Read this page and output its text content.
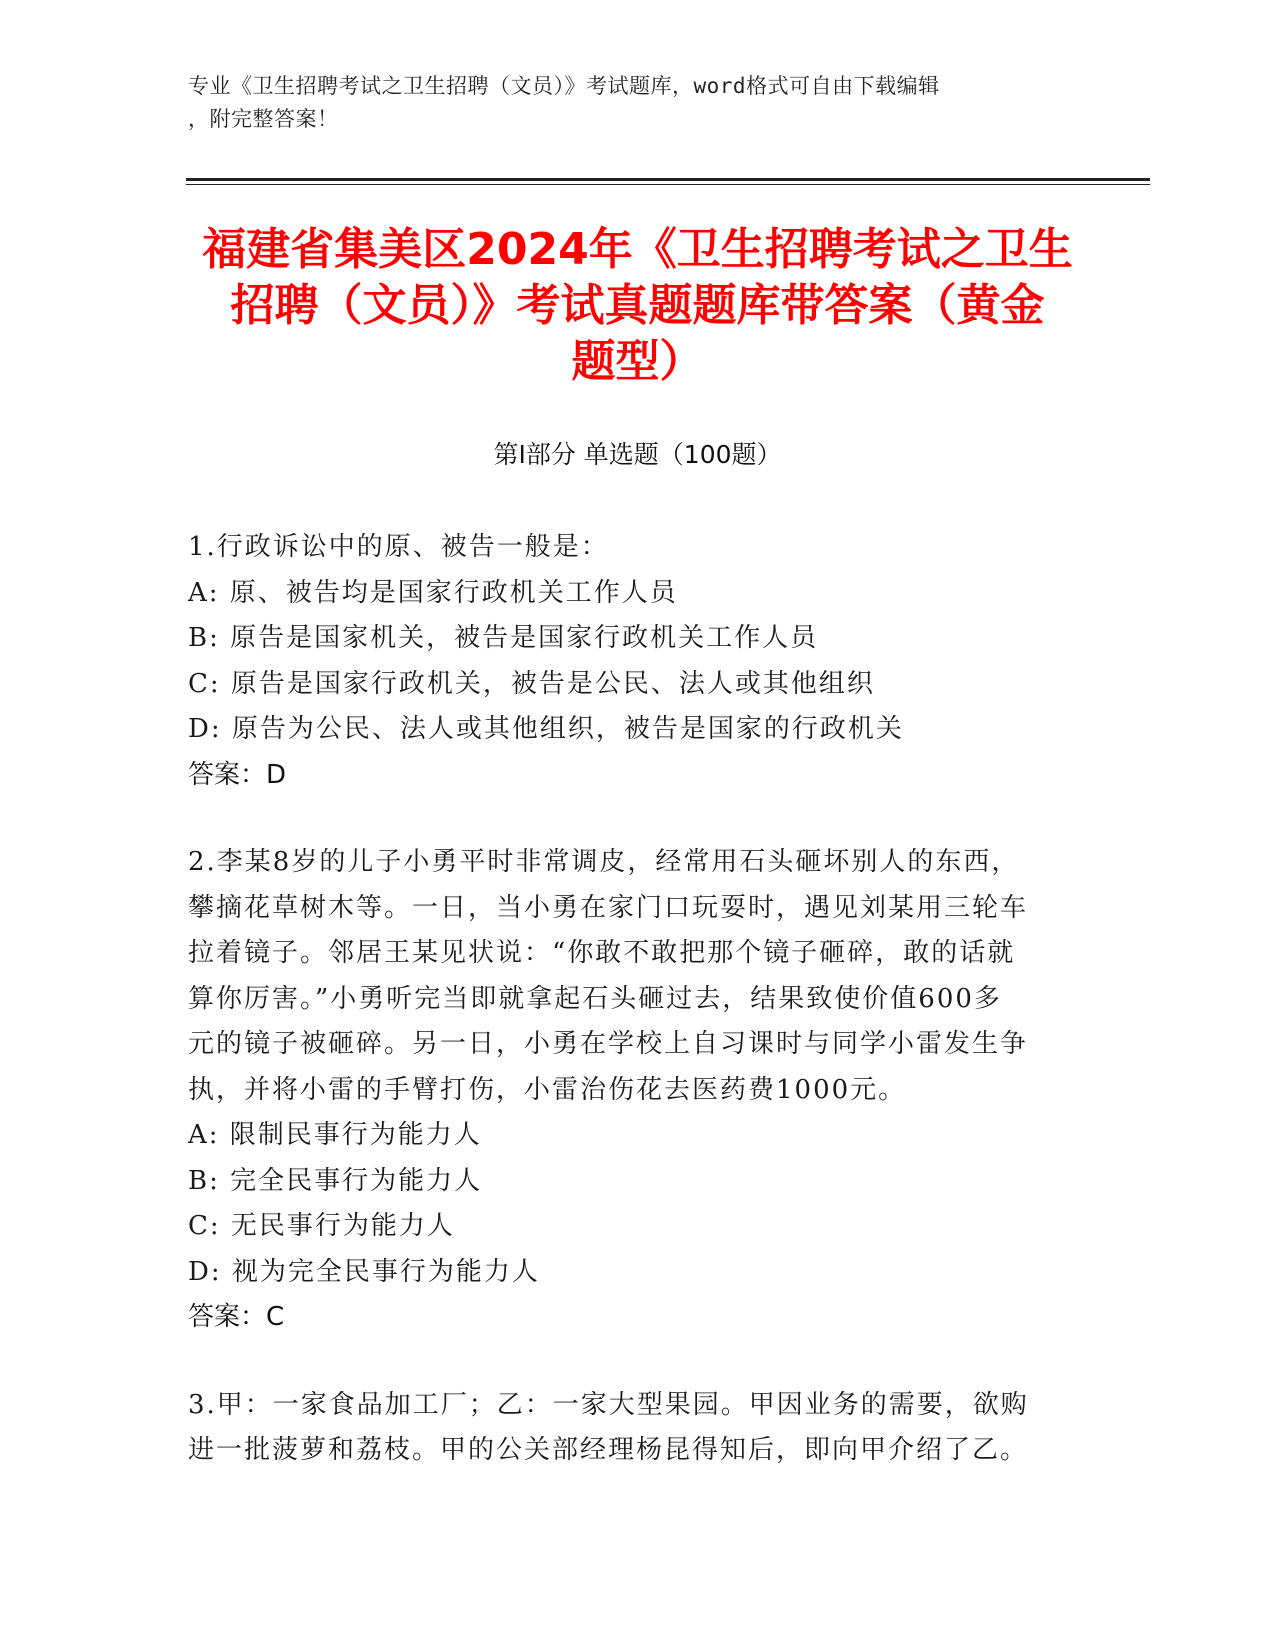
专业《卫生招聘考试之卫生招聘（文员）》考试题库，word格式可自由下载编辑
，附完整答案！
福建省集美区2024年《卫生招聘考试之卫生
招聘（文员）》考试真题题库带答案（黄金
题型）
第Ⅰ部分 单选题（100题）
1.行政诉讼中的原、被告一般是：
A: 原、被告均是国家行政机关工作人员
B: 原告是国家机关，被告是国家行政机关工作人员
C: 原告是国家行政机关，被告是公民、法人或其他组织
D: 原告为公民、法人或其他组织，被告是国家的行政机关
答案：D
2.李某8岁的儿子小勇平时非常调皮，经常用石头砸坏别人的东西，
攀摘花草树木等。一日，当小勇在家门口玩耍时，遇见刘某用三轮车
拉着镜子。邻居王某见状说：“你敢不敢把那个镜子砸碎，敢的话就
算你厉害。”小勇听完当即就拿起石头砸过去，结果致使价值600多
元的镜子被砸碎。另一日，小勇在学校上自习课时与同学小雷发生争
执，并将小雷的手臂打伤，小雷治伤花去医药费1000元。
A: 限制民事行为能力人
B: 完全民事行为能力人
C: 无民事行为能力人
D: 视为完全民事行为能力人
答案：C
3.甲：一家食品加工厂；乙：一家大型果园。甲因业务的需要，欲购
进一批菠萝和荔枝。甲的公关部经理杨昆得知后，即向甲介绍了乙。
